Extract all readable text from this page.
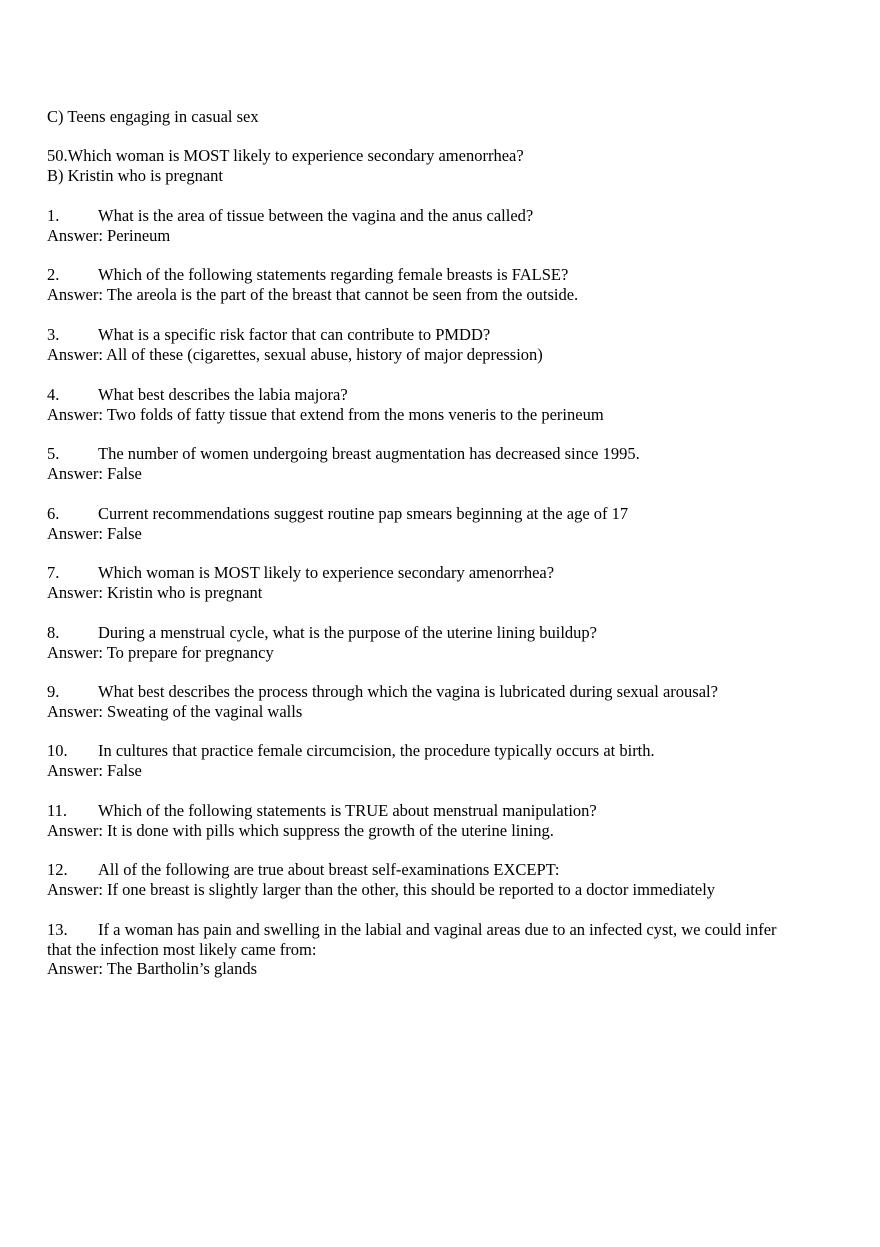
C) Teens engaging in casual sex
50.Which woman is MOST likely to experience secondary amenorrhea?
B) Kristin who is pregnant
1.	What is the area of tissue between the vagina and the anus called?
Answer: Perineum
2.	Which of the following statements regarding female breasts is FALSE?
Answer: The areola is the part of the breast that cannot be seen from the outside.
3.	What is a specific risk factor that can contribute to PMDD?
Answer: All of these (cigarettes, sexual abuse, history of major depression)
4.	What best describes the labia majora?
Answer: Two folds of fatty tissue that extend from the mons veneris to the perineum
5.	The number of women undergoing breast augmentation has decreased since 1995.
Answer: False
6.	Current recommendations suggest routine pap smears beginning at the age of 17
Answer: False
7.	Which woman is MOST likely to experience secondary amenorrhea?
Answer: Kristin who is pregnant
8.	During a menstrual cycle, what is the purpose of the uterine lining buildup?
Answer: To prepare for pregnancy
9.	What best describes the process through which the vagina is lubricated during sexual arousal?
Answer: Sweating of the vaginal walls
10.	In cultures that practice female circumcision, the procedure typically occurs at birth.
Answer: False
11.	Which of the following statements is TRUE about menstrual manipulation?
Answer: It is done with pills which suppress the growth of the uterine lining.
12.	All of the following are true about breast self-examinations EXCEPT:
Answer: If one breast is slightly larger than the other, this should be reported to a doctor immediately
13.	If a woman has pain and swelling in the labial and vaginal areas due to an infected cyst, we could infer
that the infection most likely came from:
Answer: The Bartholin’s glands
